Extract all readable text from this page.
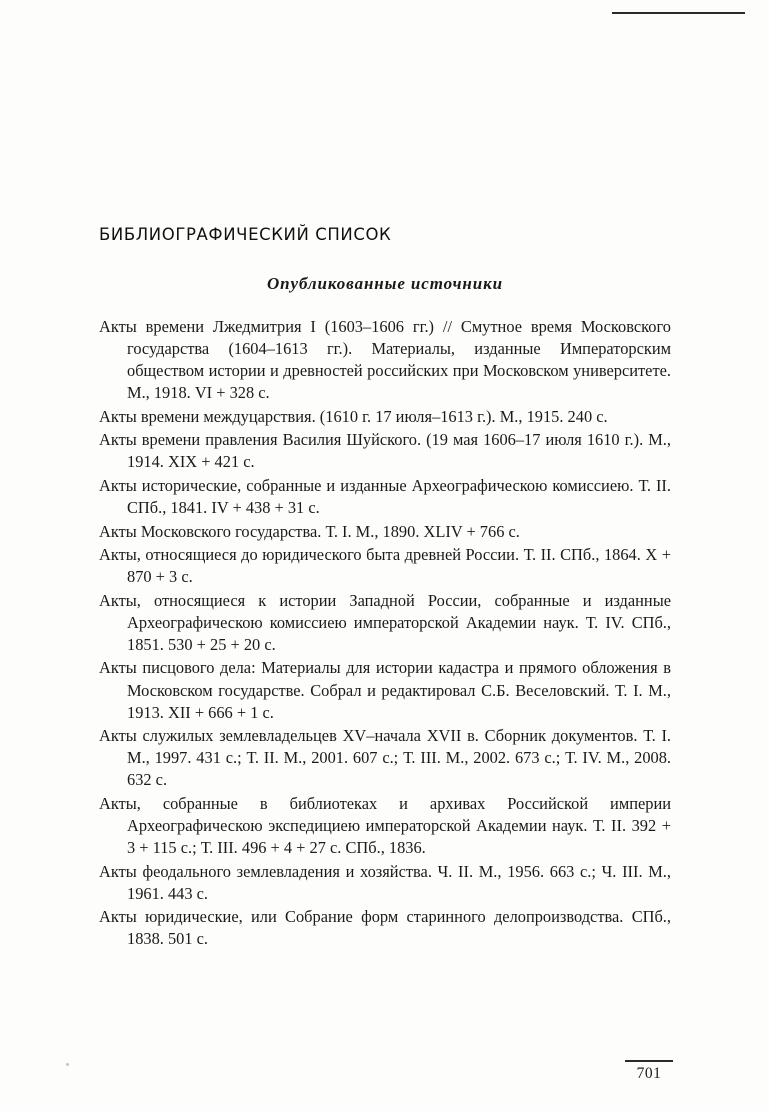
БИБЛИОГРАФИЧЕСКИЙ СПИСОК
Опубликованные источники
Акты времени Лжедмитрия I (1603–1606 гг.) // Смутное время Московского государства (1604–1613 гг.). Материалы, изданные Императорским обществом истории и древностей российских при Московском университете. М., 1918. VI + 328 с.
Акты времени междуцарствия. (1610 г. 17 июля–1613 г.). М., 1915. 240 с.
Акты времени правления Василия Шуйского. (19 мая 1606–17 июля 1610 г.). М., 1914. XIX + 421 с.
Акты исторические, собранные и изданные Археографическою комиссиею. Т. II. СПб., 1841. IV + 438 + 31 с.
Акты Московского государства. Т. I. М., 1890. XLIV + 766 с.
Акты, относящиеся до юридического быта древней России. Т. II. СПб., 1864. X + 870 + 3 с.
Акты, относящиеся к истории Западной России, собранные и изданные Археографическою комиссиею императорской Академии наук. Т. IV. СПб., 1851. 530 + 25 + 20 с.
Акты писцового дела: Материалы для истории кадастра и прямого обложения в Московском государстве. Собрал и редактировал С.Б. Веселовский. Т. I. М., 1913. XII + 666 + 1 с.
Акты служилых землевладельцев XV–начала XVII в. Сборник документов. Т. I. М., 1997. 431 с.; Т. II. М., 2001. 607 с.; Т. III. М., 2002. 673 с.; Т. IV. М., 2008. 632 с.
Акты, собранные в библиотеках и архивах Российской империи Археографическою экспедициею императорской Академии наук. Т. II. 392 + 3 + 115 с.; Т. III. 496 + 4 + 27 с. СПб., 1836.
Акты феодального землевладения и хозяйства. Ч. II. М., 1956. 663 с.; Ч. III. М., 1961. 443 с.
Акты юридические, или Собрание форм старинного делопроизводства. СПб., 1838. 501 с.
701
